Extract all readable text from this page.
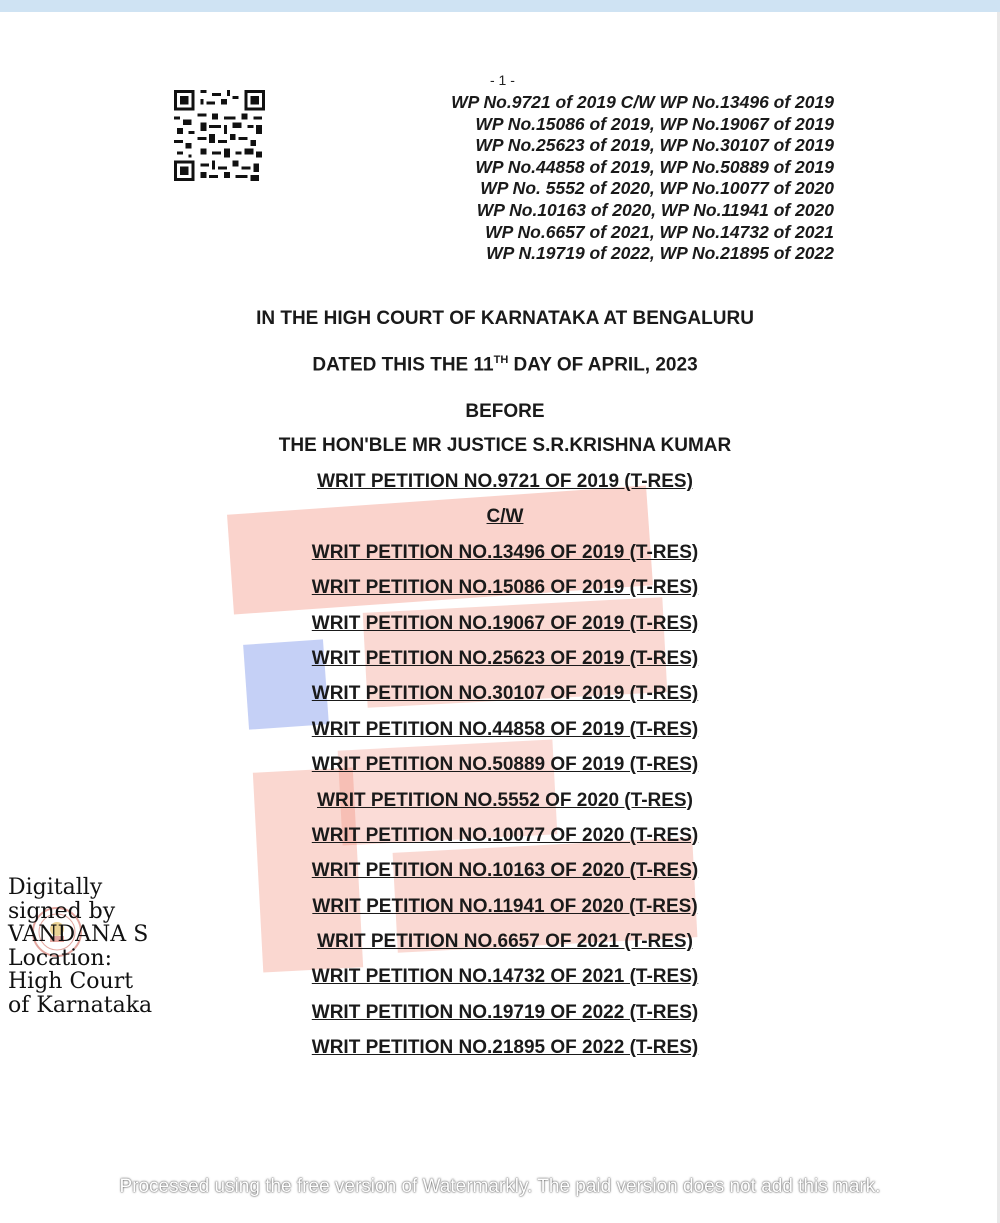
- 1 -
WP No.9721 of 2019 C/W WP No.13496 of 2019
WP No.15086 of 2019, WP No.19067 of 2019
WP No.25623 of 2019, WP No.30107 of 2019
WP No.44858 of 2019, WP No.50889 of 2019
WP No. 5552 of 2020, WP No.10077 of 2020
WP No.10163 of 2020, WP No.11941 of 2020
WP No.6657 of 2021, WP No.14732 of 2021
WP N.19719 of 2022, WP No.21895 of 2022
IN THE HIGH COURT OF KARNATAKA AT BENGALURU
DATED THIS THE 11TH DAY OF APRIL, 2023
BEFORE
THE HON'BLE MR JUSTICE S.R.KRISHNA KUMAR
WRIT PETITION NO.9721 OF 2019 (T-RES)
C/W
WRIT PETITION NO.13496 OF 2019 (T-RES)
WRIT PETITION NO.15086 OF 2019 (T-RES)
WRIT PETITION NO.19067 OF 2019 (T-RES)
WRIT PETITION NO.25623 OF 2019 (T-RES)
WRIT PETITION NO.30107 OF 2019 (T-RES)
WRIT PETITION NO.44858 OF 2019 (T-RES)
WRIT PETITION NO.50889 OF 2019 (T-RES)
WRIT PETITION NO.5552 OF 2020 (T-RES)
WRIT PETITION NO.10077 OF 2020 (T-RES)
WRIT PETITION NO.10163 OF 2020 (T-RES)
WRIT PETITION NO.11941 OF 2020 (T-RES)
WRIT PETITION NO.6657 OF 2021 (T-RES)
WRIT PETITION NO.14732 OF 2021 (T-RES)
WRIT PETITION NO.19719 OF 2022 (T-RES)
WRIT PETITION NO.21895 OF 2022 (T-RES)
Digitally
signed by
VANDANA S
Location:
High Court
of Karnataka
Processed using the free version of Watermarkly. The paid version does not add this mark.
